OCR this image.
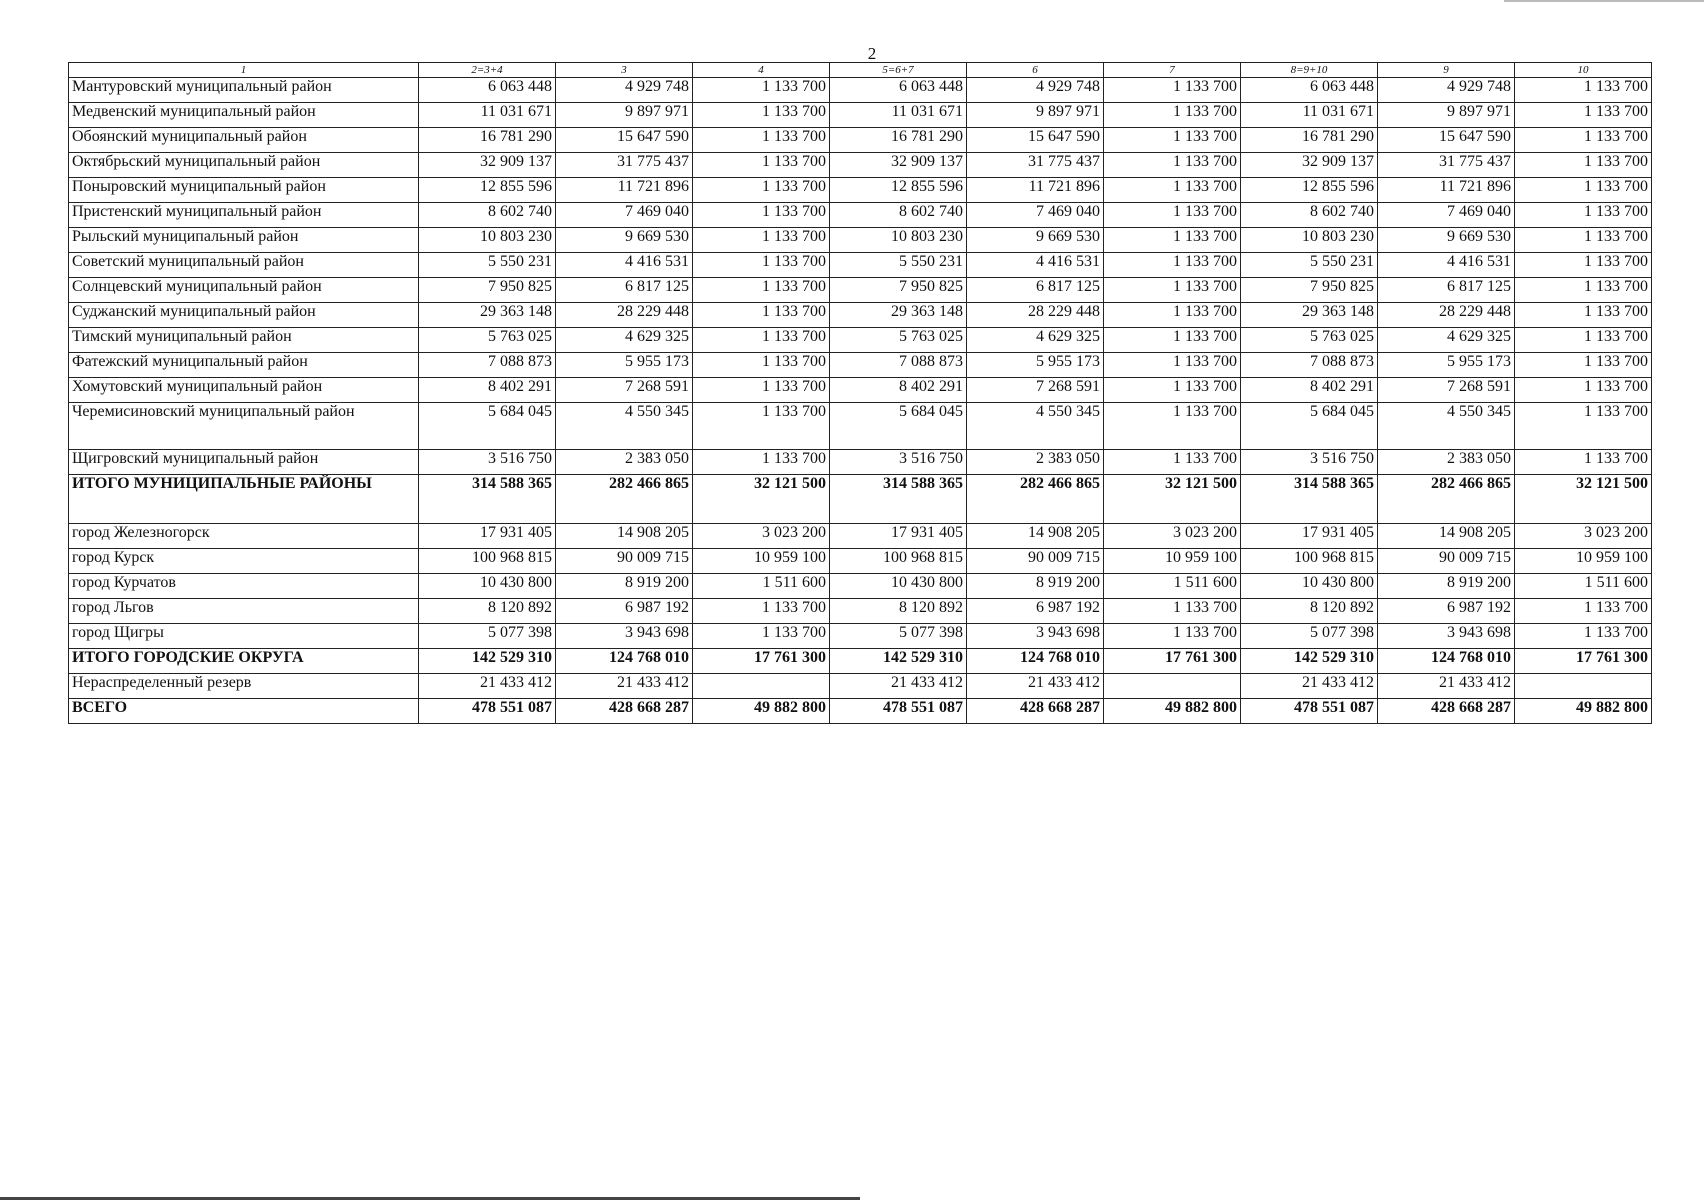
2
1	2=3+4	3	4	5=6+7	6	7	8=9+10	9	10
Мантуровский муниципальный район	6 063 448	4 929 748	1 133 700	6 063 448	4 929 748	1 133 700	6 063 448	4 929 748	1 133 700
Медвенский муниципальный район	11 031 671	9 897 971	1 133 700	11 031 671	9 897 971	1 133 700	11 031 671	9 897 971	1 133 700
Обоянский муниципальный район	16 781 290	15 647 590	1 133 700	16 781 290	15 647 590	1 133 700	16 781 290	15 647 590	1 133 700
Октябрьский муниципальный район	32 909 137	31 775 437	1 133 700	32 909 137	31 775 437	1 133 700	32 909 137	31 775 437	1 133 700
Поныровский муниципальный район	12 855 596	11 721 896	1 133 700	12 855 596	11 721 896	1 133 700	12 855 596	11 721 896	1 133 700
Пристенский муниципальный район	8 602 740	7 469 040	1 133 700	8 602 740	7 469 040	1 133 700	8 602 740	7 469 040	1 133 700
Рыльский муниципальный район	10 803 230	9 669 530	1 133 700	10 803 230	9 669 530	1 133 700	10 803 230	9 669 530	1 133 700
Советский муниципальный район	5 550 231	4 416 531	1 133 700	5 550 231	4 416 531	1 133 700	5 550 231	4 416 531	1 133 700
Солнцевский муниципальный район	7 950 825	6 817 125	1 133 700	7 950 825	6 817 125	1 133 700	7 950 825	6 817 125	1 133 700
Суджанский муниципальный район	29 363 148	28 229 448	1 133 700	29 363 148	28 229 448	1 133 700	29 363 148	28 229 448	1 133 700
Тимский муниципальный район	5 763 025	4 629 325	1 133 700	5 763 025	4 629 325	1 133 700	5 763 025	4 629 325	1 133 700
Фатежский муниципальный район	7 088 873	5 955 173	1 133 700	7 088 873	5 955 173	1 133 700	7 088 873	5 955 173	1 133 700
Хомутовский муниципальный район	8 402 291	7 268 591	1 133 700	8 402 291	7 268 591	1 133 700	8 402 291	7 268 591	1 133 700
Черемисиновский муниципальный район	5 684 045	4 550 345	1 133 700	5 684 045	4 550 345	1 133 700	5 684 045	4 550 345	1 133 700
Щигровский муниципальный район	3 516 750	2 383 050	1 133 700	3 516 750	2 383 050	1 133 700	3 516 750	2 383 050	1 133 700
ИТОГО МУНИЦИПАЛЬНЫЕ РАЙОНЫ	314 588 365	282 466 865	32 121 500	314 588 365	282 466 865	32 121 500	314 588 365	282 466 865	32 121 500
город Железногорск	17 931 405	14 908 205	3 023 200	17 931 405	14 908 205	3 023 200	17 931 405	14 908 205	3 023 200
город Курск	100 968 815	90 009 715	10 959 100	100 968 815	90 009 715	10 959 100	100 968 815	90 009 715	10 959 100
город Курчатов	10 430 800	8 919 200	1 511 600	10 430 800	8 919 200	1 511 600	10 430 800	8 919 200	1 511 600
город Льгов	8 120 892	6 987 192	1 133 700	8 120 892	6 987 192	1 133 700	8 120 892	6 987 192	1 133 700
город Щигры	5 077 398	3 943 698	1 133 700	5 077 398	3 943 698	1 133 700	5 077 398	3 943 698	1 133 700
ИТОГО ГОРОДСКИЕ ОКРУГА	142 529 310	124 768 010	17 761 300	142 529 310	124 768 010	17 761 300	142 529 310	124 768 010	17 761 300
Нераспределенный резерв	21 433 412	21 433 412		21 433 412	21 433 412		21 433 412	21 433 412	
ВСЕГО	478 551 087	428 668 287	49 882 800	478 551 087	428 668 287	49 882 800	478 551 087	428 668 287	49 882 800
